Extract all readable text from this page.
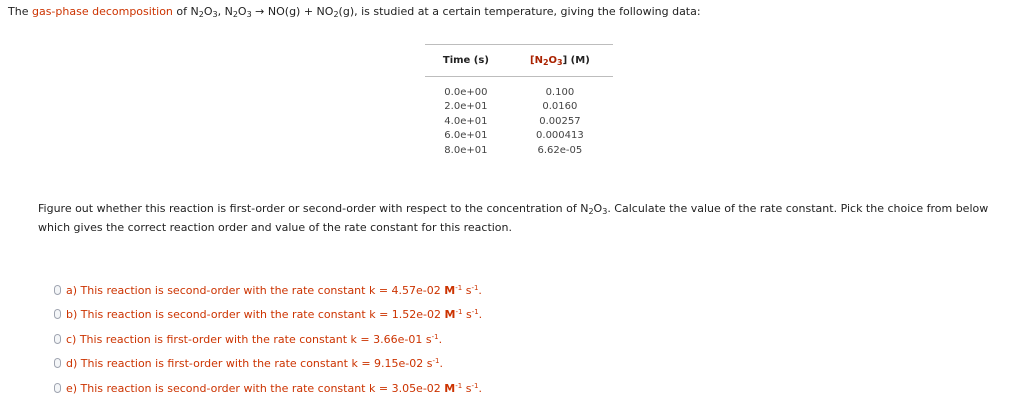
The gas-phase decomposition of $N_2O_3$, $N_2O_3 \to NO(g) + NO_2(g)$, is studied at a certain temperature, giving the following data:
Time (s)	$[N_2O_3]$ (M)
0.0e+00	0.100
2.0e+01	0.0160
4.0e+01	0.00257
6.0e+01	0.000413
8.0e+01	6.62e-05
Figure out whether this reaction is first-order or second-order with respect to the concentration of $N_2O_3$. Calculate the value of the rate constant. Pick the choice from below which gives the correct reaction order and value of the rate constant for this reaction.
a) This reaction is second-order with the rate constant k = 4.57e-02 $M^{-1}$ $s^{-1}$.
b) This reaction is second-order with the rate constant k = 1.52e-02 $M^{-1}$ $s^{-1}$.
c) This reaction is first-order with the rate constant k = 3.66e-01 $s^{-1}$.
d) This reaction is first-order with the rate constant k = 9.15e-02 $s^{-1}$.
e) This reaction is second-order with the rate constant k = 3.05e-02 $M^{-1}$ $s^{-1}$.
